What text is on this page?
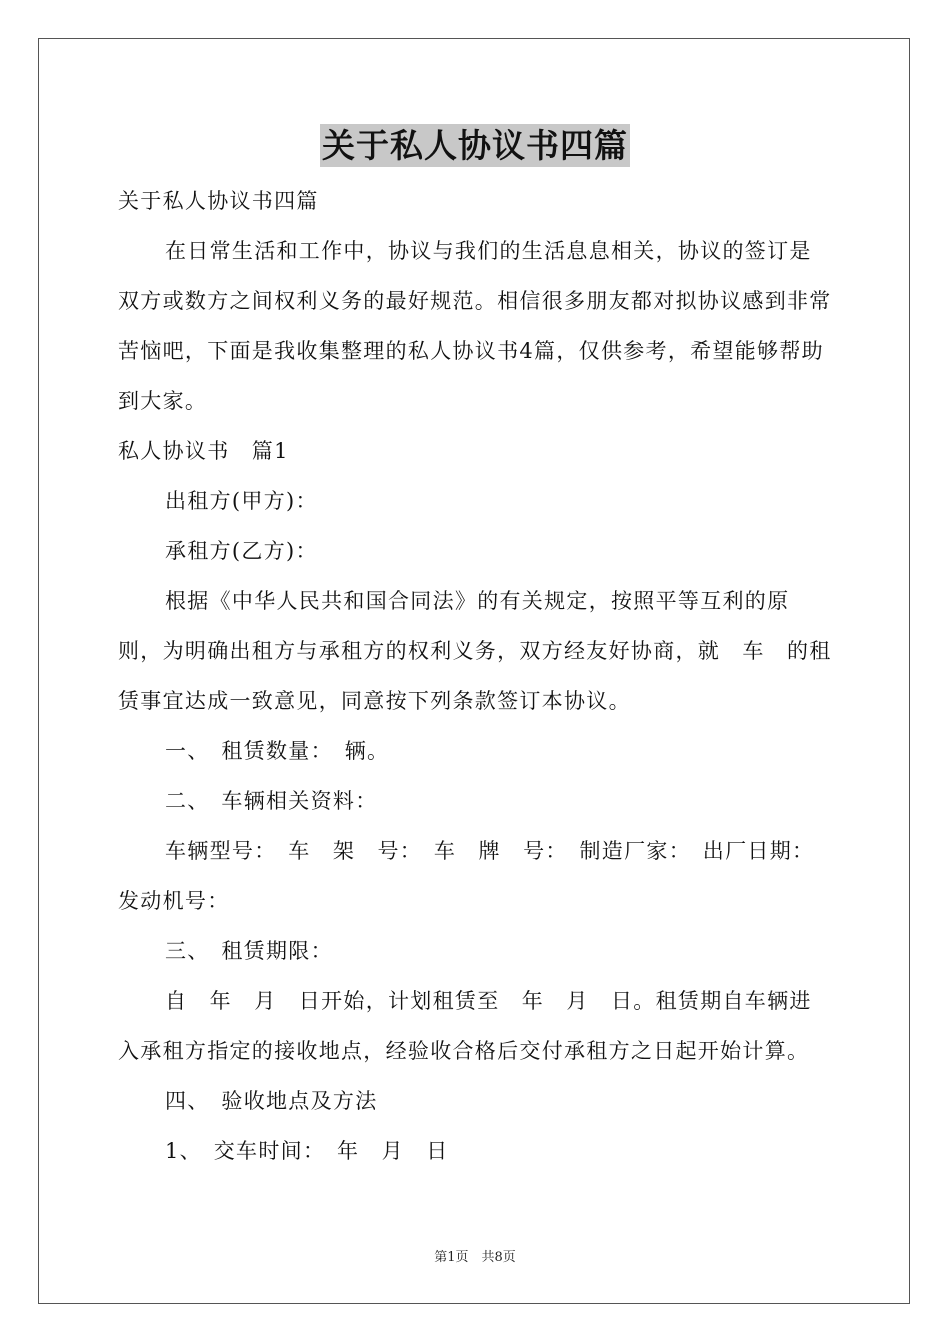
关于私人协议书四篇

关于私人协议书四篇

在日常生活和工作中，协议与我们的生活息息相关，协议的签订是双方或数方之间权利义务的最好规范。相信很多朋友都对拟协议感到非常苦恼吧，下面是我收集整理的私人协议书4篇，仅供参考，希望能够帮助到大家。

私人协议书　篇1

出租方(甲方)：

承租方(乙方)：

根据《中华人民共和国合同法》的有关规定，按照平等互利的原则，为明确出租方与承租方的权利义务，双方经友好协商，就　车　的租赁事宜达成一致意见，同意按下列条款签订本协议。

一、　租赁数量：　辆。

二、　车辆相关资料：

车辆型号：　车　架　号：　车　牌　号：　制造厂家：　出厂日期：发动机号：

三、　租赁期限：

自　年　月　日开始，计划租赁至　年　月　日。租赁期自车辆进入承租方指定的接收地点，经验收合格后交付承租方之日起开始计算。

四、　验收地点及方法

1、　交车时间：　年　月　日

第1页　共8页
